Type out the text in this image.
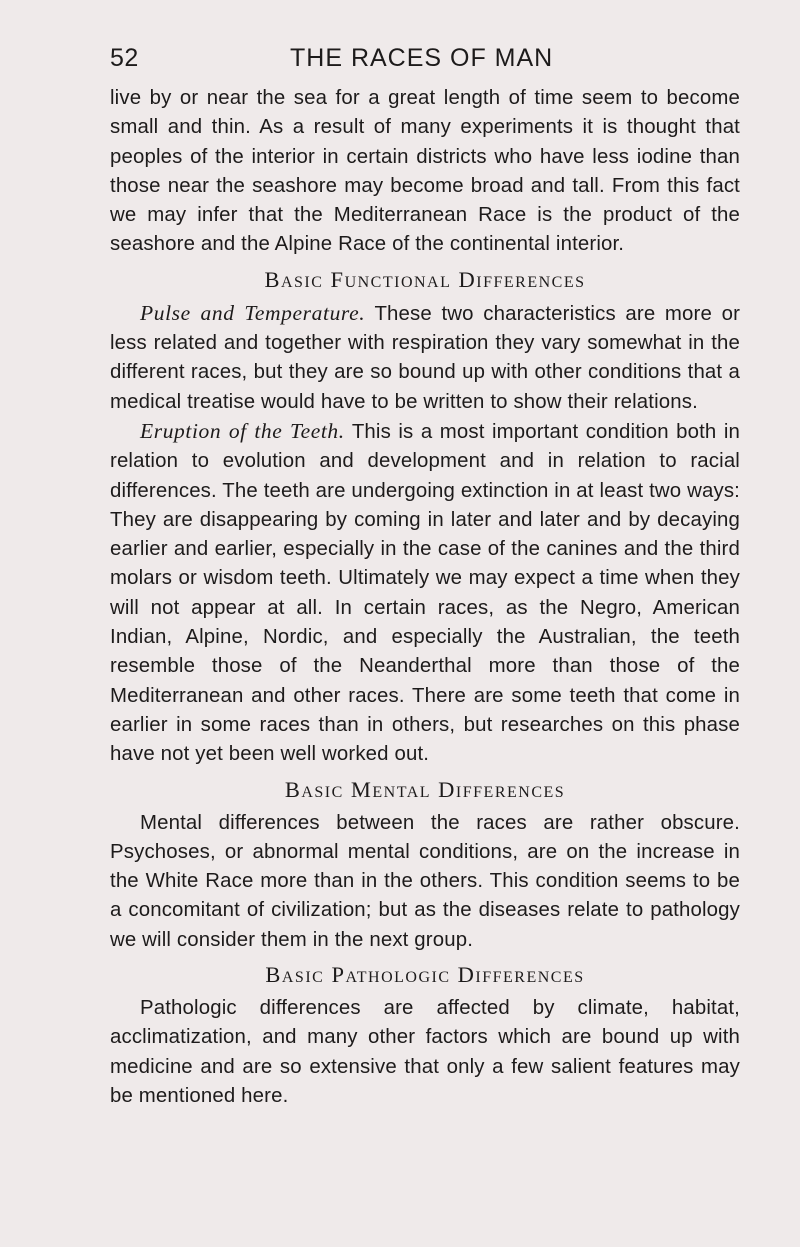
52	THE RACES OF MAN

live by or near the sea for a great length of time seem to become small and thin. As a result of many experiments it is thought that peoples of the interior in certain districts who have less iodine than those near the seashore may become broad and tall. From this fact we may infer that the Mediterranean Race is the product of the seashore and the Alpine Race of the continental interior.

Basic Functional Differences

Pulse and Temperature. These two characteristics are more or less related and together with respiration they vary somewhat in the different races, but they are so bound up with other conditions that a medical treatise would have to be written to show their relations.

Eruption of the Teeth. This is a most important condition both in relation to evolution and development and in relation to racial differences. The teeth are undergoing extinction in at least two ways: They are disappearing by coming in later and later and by decaying earlier and earlier, especially in the case of the canines and the third molars or wisdom teeth. Ultimately we may expect a time when they will not appear at all. In certain races, as the Negro, American Indian, Alpine, Nordic, and especially the Australian, the teeth resemble those of the Neanderthal more than those of the Mediterranean and other races. There are some teeth that come in earlier in some races than in others, but researches on this phase have not yet been well worked out.

Basic Mental Differences

Mental differences between the races are rather obscure. Psychoses, or abnormal mental conditions, are on the increase in the White Race more than in the others. This condition seems to be a concomitant of civilization; but as the diseases relate to pathology we will consider them in the next group.

Basic Pathologic Differences

Pathologic differences are affected by climate, habitat, acclimatization, and many other factors which are bound up with medicine and are so extensive that only a few salient features may be mentioned here.
